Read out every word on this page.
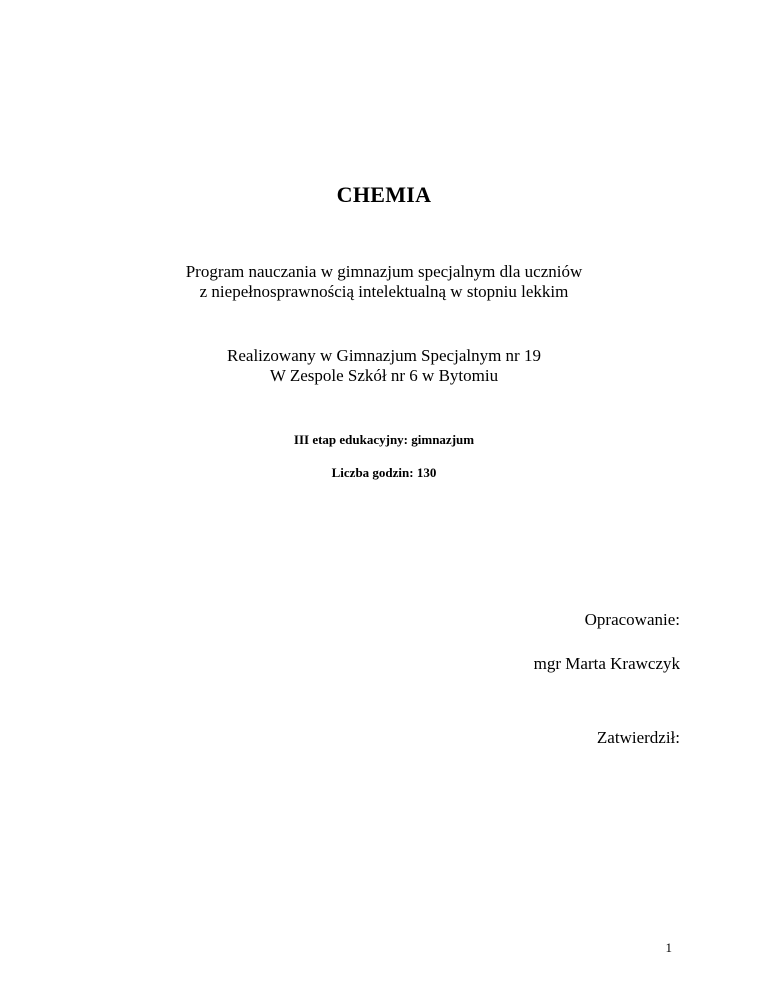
CHEMIA
Program nauczania w gimnazjum specjalnym dla uczniów
z niepełnosprawnością intelektualną w stopniu lekkim
Realizowany w Gimnazjum Specjalnym nr 19
W Zespole Szkół nr 6 w Bytomiu
III etap edukacyjny: gimnazjum
Liczba godzin: 130
Opracowanie:
mgr Marta Krawczyk
Zatwierdził:
1
